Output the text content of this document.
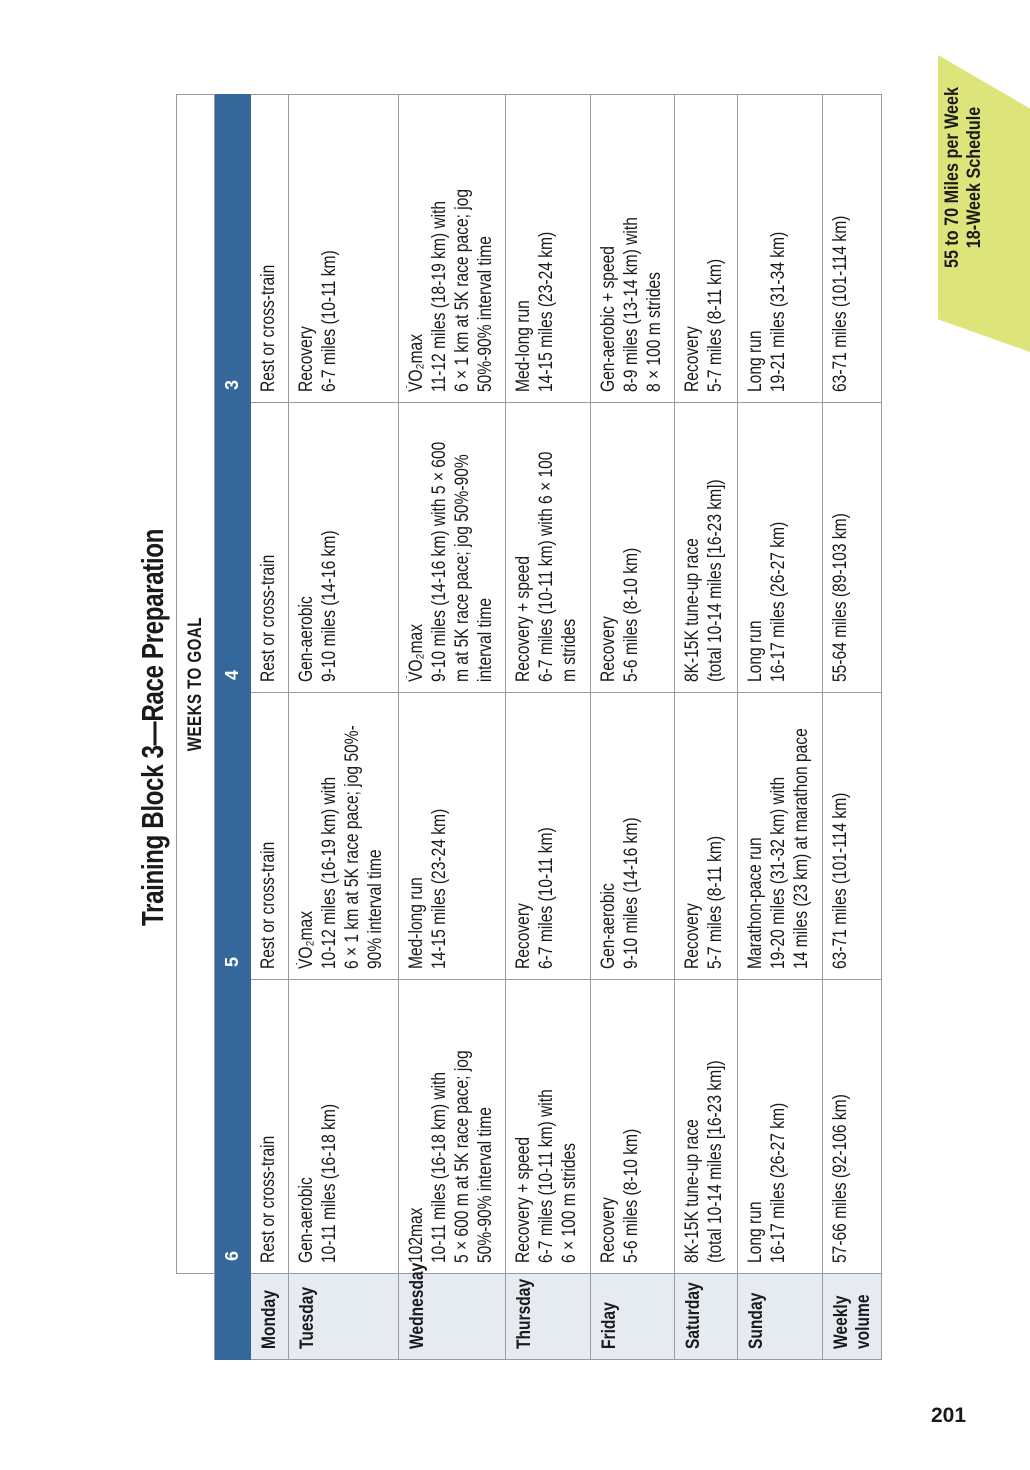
Training Block 3—Race Preparation
	WEEKS TO GOAL			
	6	5	4	3
Monday	Rest or cross-train	Rest or cross-train	Rest or cross-train	Rest or cross-train

Tuesday	Gen-aerobic 10-11 miles (16-18 km)	V̇O₂max 10-12 miles (16-19 km) with 6 × 1 km at 5K race pace; jog 50%- 90% interval time	Gen-aerobic 9-10 miles (14-16 km)	Recovery 6-7 miles (10-11 km)

Wednesday	102max 10-11 miles (16-18 km) with 5 × 600 m at 5K race pace; jog 50%-90% interval time	Med-long run 14-15 miles (23-24 km)	V̇O₂max 9-10 miles (14-16 km) with 5 × 600 m at 5K race pace; jog 50%-90% interval time	V̇O₂max 11-12 miles (18-19 km) with 6 × 1 km at 5K race pace; jog 50%-90% interval time

Thursday	Recovery + speed 6-7 miles (10-11 km) with 6 × 100 m strides	Recovery 6-7 miles (10-11 km)	Recovery + speed 6-7 miles (10-11 km) with 6 × 100 m strides	Med-long run 14-15 miles (23-24 km)

Friday	Recovery 5-6 miles (8-10 km)	Gen-aerobic 9-10 miles (14-16 km)	Recovery 5-6 miles (8-10 km)	Gen-aerobic + speed 8-9 miles (13-14 km) with 8 × 100 m strides

Saturday	8K-15K tune-up race (total 10-14 miles [16-23 km])	Recovery 5-7 miles (8-11 km)	8K-15K tune-up race (total 10-14 miles [16-23 km])	Recovery 5-7 miles (8-11 km)

Sunday	Long run 16-17 miles (26-27 km)	Marathon-pace run 19-20 miles (31-32 km) with 14 miles (23 km) at marathon pace	Long run 16-17 miles (26-27 km)	Long run 19-21 miles (31-34 km)

Weekly
volume	57-66 miles (92-106 km)	63-71 miles (101-114 km)	55-64 miles (89-103 km)	63-71 miles (101-114 km)
55 to 70 Miles per Week 18-Week Schedule
201
